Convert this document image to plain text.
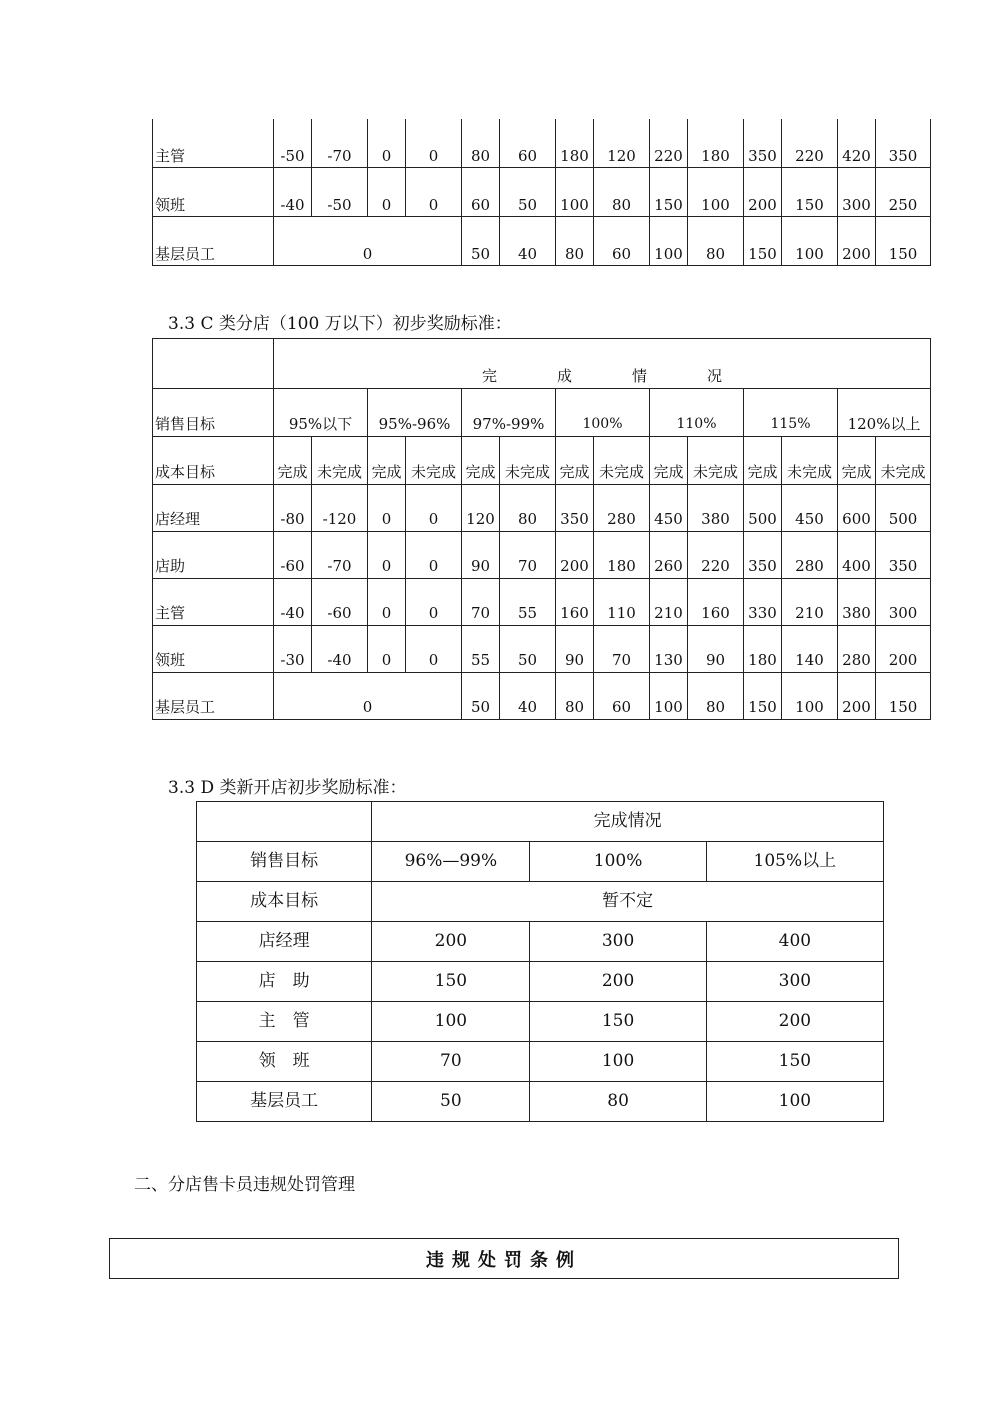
主管	-50	-70	0	0	80	60	180	120	220	180	350	220	420	350
领班	-40	-50	0	0	60	50	100	80	150	100	200	150	300	250
基层员工	0				50	40	80	60	100	80	150	100	200	150
3.3 C 类分店（100 万以下）初步奖励标准：
	完成情况													
销售目标	95%以下		95%-96%		97%-99%		100%		110%		115%		120%以上	
成本目标	完成	未完成	完成	未完成	完成	未完成	完成	未完成	完成	未完成	完成	未完成	完成	未完成
店经理	-80	-120	0	0	120	80	350	280	450	380	500	450	600	500
店助	-60	-70	0	0	90	70	200	180	260	220	350	280	400	350
主管	-40	-60	0	0	70	55	160	110	210	160	330	210	380	300
领班	-30	-40	0	0	55	50	90	70	130	90	180	140	280	200
基层员工	0				50	40	80	60	100	80	150	100	200	150
3.3 D 类新开店初步奖励标准：
	完成情况		
销售目标	96%—99%	100%	105%以上
成本目标	暂不定		
店经理	200	300	400
店　助	150	200	300
主　管	100	150	200
领　班	70	100	150
基层员工	50	80	100
二、分店售卡员违规处罚管理
违规处罚条例
